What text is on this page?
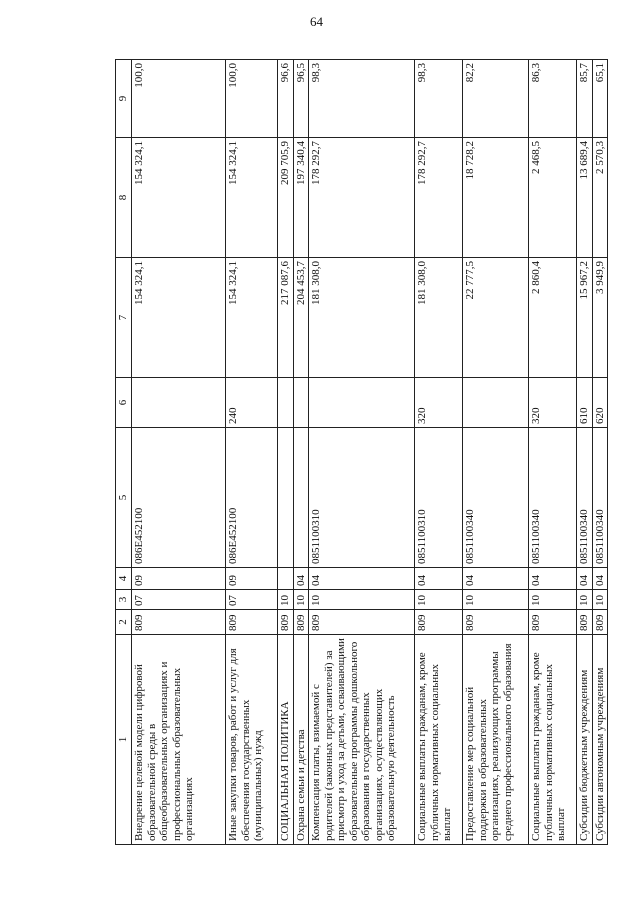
64
1	2	3	4	5	6	7	8	9
Внедрение целевой модели цифровой образовательной среды в общеобразовательных организациях и профессиональных образовательных организациях	809	07	09	086Е452100		154 324,1	154 324,1	100,0
Иные закупки товаров, работ и услуг для обеспечения государственных (муниципальных) нужд	809	07	09	086Е452100	240	154 324,1	154 324,1	100,0
СОЦИАЛЬНАЯ ПОЛИТИКА	809	10				217 087,6	209 705,9	96,6
Охрана семьи и детства	809	10	04			204 453,7	197 340,4	96,5
Компенсация платы, взимаемой с родителей (законных представителей) за присмотр и уход за детьми, осваивающими образовательные программы дошкольного образования в государственных организациях, осуществляющих образовательную деятельность	809	10	04	0851100310		181 308,0	178 292,7	98,3
Социальные выплаты гражданам, кроме публичных нормативных социальных выплат	809	10	04	0851100310	320	181 308,0	178 292,7	98,3
Предоставление мер социальной поддержки в образовательных организациях, реализующих программы среднего профессионального образования	809	10	04	0851100340		22 777,5	18 728,2	82,2
Социальные выплаты гражданам, кроме публичных нормативных социальных выплат	809	10	04	0851100340	320	2 860,4	2 468,5	86,3
Субсидии бюджетным учреждениям	809	10	04	0851100340	610	15 967,2	13 689,4	85,7
Субсидии автономным учреждениям	809	10	04	0851100340	620	3 949,9	2 570,3	65,1
